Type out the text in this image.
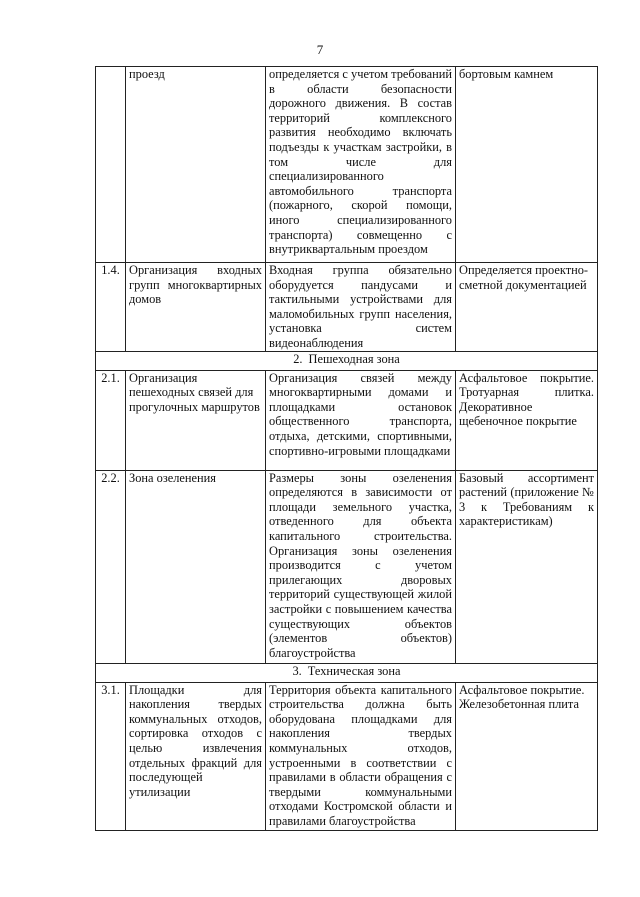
7
	проезд	определяется с учетом требований в области безопасности дорожного движения. В состав территорий комплексного развития необходимо включать подъезды к участкам застройки, в том числе для специализированного автомобильного транспорта (пожарного, скорой помощи, иного специализированного транспорта) совмещенно с внутриквартальным проездом	бортовым камнем
1.4.	Организация входных групп многоквартирных домов	Входная группа обязательно оборудуется пандусами и тактильными устройствами для маломобильных групп населения, установка систем видеонаблюдения	Определяется проектно-сметной документацией
2. Пешеходная зона			
2.1.	Организация пешеходных связей для прогулочных маршрутов	Организация связей между многоквартирными домами и площадками остановок общественного транспорта, отдыха, детскими, спортивными, спортивно-игровыми площадками	Асфальтовое покрытие. Тротуарная плитка. Декоративное щебеночное покрытие
2.2.	Зона озеленения	Размеры зоны озеленения определяются в зависимости от площади земельного участка, отведенного для объекта капитального строительства. Организация зоны озеленения производится с учетом прилегающих дворовых территорий существующей жилой застройки с повышением качества существующих объектов (элементов объектов) благоустройства	Базовый ассортимент растений (приложение № 3 к Требованиям к характеристикам)
3. Техническая зона			
3.1.	Площадки для накопления твердых коммунальных отходов, сортировка отходов с целью извлечения отдельных фракций для последующей утилизации	Территория объекта капитального строительства должна быть оборудована площадками для накопления твердых коммунальных отходов, устроенными в соответствии с правилами в области обращения с твердыми коммунальными отходами Костромской области и правилами благоустройства	Асфальтовое покрытие. Железобетонная плита
